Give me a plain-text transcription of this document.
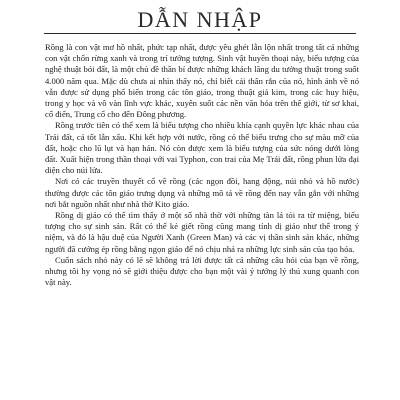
DẪN NHẬP

Rồng là con vật mơ hồ nhất, phức tạp nhất, được yêu ghét lẫn lộn nhất trong tất cả những con vật chốn rừng xanh và trong trí tưởng tượng. Sinh vật huyền thoại này, biểu tượng của nghệ thuật bói đất, là một chủ đề thần bí được những khách lãng du tưởng thuật trong suốt 4.000 năm qua. Mặc dù chưa ai nhìn thấy nó, chỉ biết cái thân rắn của nó, hình ảnh về nó vẫn được sử dụng phổ biến trong các tôn giáo, trong thuật giả kim, trong các huy hiệu, trong y học và vô vàn lĩnh vực khác, xuyên suốt các nền văn hóa trên thế giới, từ sơ khai, cổ điển, Trung cổ cho đến Đông phương.

Rồng trước tiên có thể xem là biểu tượng cho nhiều khía cạnh quyền lực khác nhau của Trái đất, cả tốt lẫn xấu. Khi kết hợp với nước, rồng có thể biểu trưng cho sự màu mỡ của đất, hoặc cho lũ lụt và hạn hán. Nó còn được xem là biểu tượng của sức nóng dưới lòng đất. Xuất hiện trong thần thoại với vai Typhon, con trai của Mẹ Trái đất, rồng phun lửa đại diện cho núi lửa.

Nơi có các truyền thuyết cổ về rồng (các ngọn đồi, hang động, núi nhỏ và hồ nước) thường được các tôn giáo trưng dụng và những mô tả về rồng đến nay vẫn gắn với những nơi bắt nguồn nhất như nhà thờ Kito giáo.

Rồng dị giáo có thể tìm thấy ở một số nhà thờ với những tàn lá tỏi ra từ miệng, biểu tượng cho sự sinh sản. Rất có thể kẻ giết rồng cũng mang tính dị giáo như thế trong ý niệm, và đó là hậu duệ của Người Xanh (Green Man) và các vị thần sinh sản khác, những người đã cướng ép rồng bằng ngọn giáo để nó chịu nhả ra những lực sinh sản của tạo hóa.

Cuốn sách nhỏ này có lẽ sẽ không trả lời được tất cả những câu hỏi của bạn về rồng, nhưng tôi hy vọng nó sẽ giới thiệu được cho bạn một vài ý tưởng lý thú xung quanh con vật này.
